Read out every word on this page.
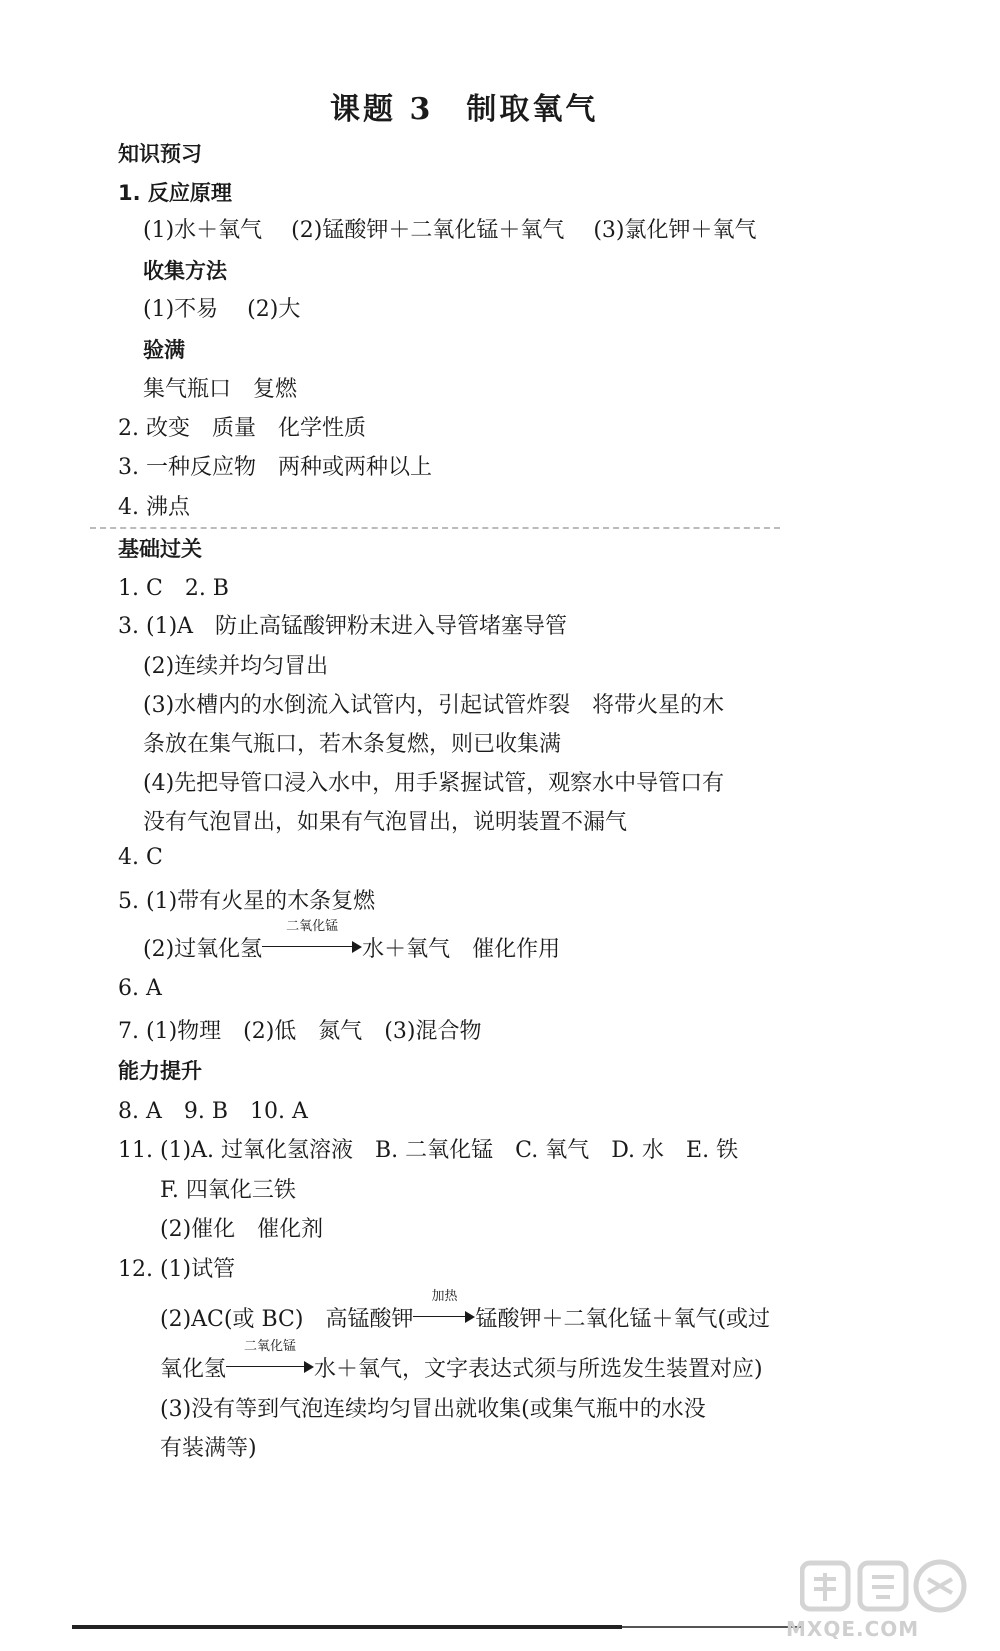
课题 3　制取氧气
知识预习
1. 反应原理
(1)水＋氧气 (2)锰酸钾＋二氧化锰＋氧气 (3)氯化钾＋氧气
收集方法
(1)不易 (2)大
验满
集气瓶口　复燃
2. 改变　质量　化学性质
3. 一种反应物　两种或两种以上
4. 沸点
基础过关
1. C　2. B
3. (1)A　防止高锰酸钾粉末进入导管堵塞导管
(2)连续并均匀冒出
(3)水槽内的水倒流入试管内，引起试管炸裂　将带火星的木
条放在集气瓶口，若木条复燃，则已收集满
(4)先把导管口浸入水中，用手紧握试管，观察水中导管口有
没有气泡冒出，如果有气泡冒出，说明装置不漏气
4. C
5. (1)带有火星的木条复燃
(2)过氧化氢
二氧化锰
水＋氧气　催化作用
6. A
7. (1)物理　(2)低　氮气　(3)混合物
能力提升
8. A　9. B　10. A
11. (1)A. 过氧化氢溶液　B. 二氧化锰　C. 氧气　D. 水　E. 铁
F. 四氧化三铁
(2)催化　催化剂
12. (1)试管
(2)AC(或 BC)　高锰酸钾
加热
锰酸钾＋二氧化锰＋氧气(或过
氧化氢
二氧化锰
水＋氧气，文字表达式须与所选发生装置对应)
(3)没有等到气泡连续均匀冒出就收集(或集气瓶中的水没
有装满等)
MXQE.COM
